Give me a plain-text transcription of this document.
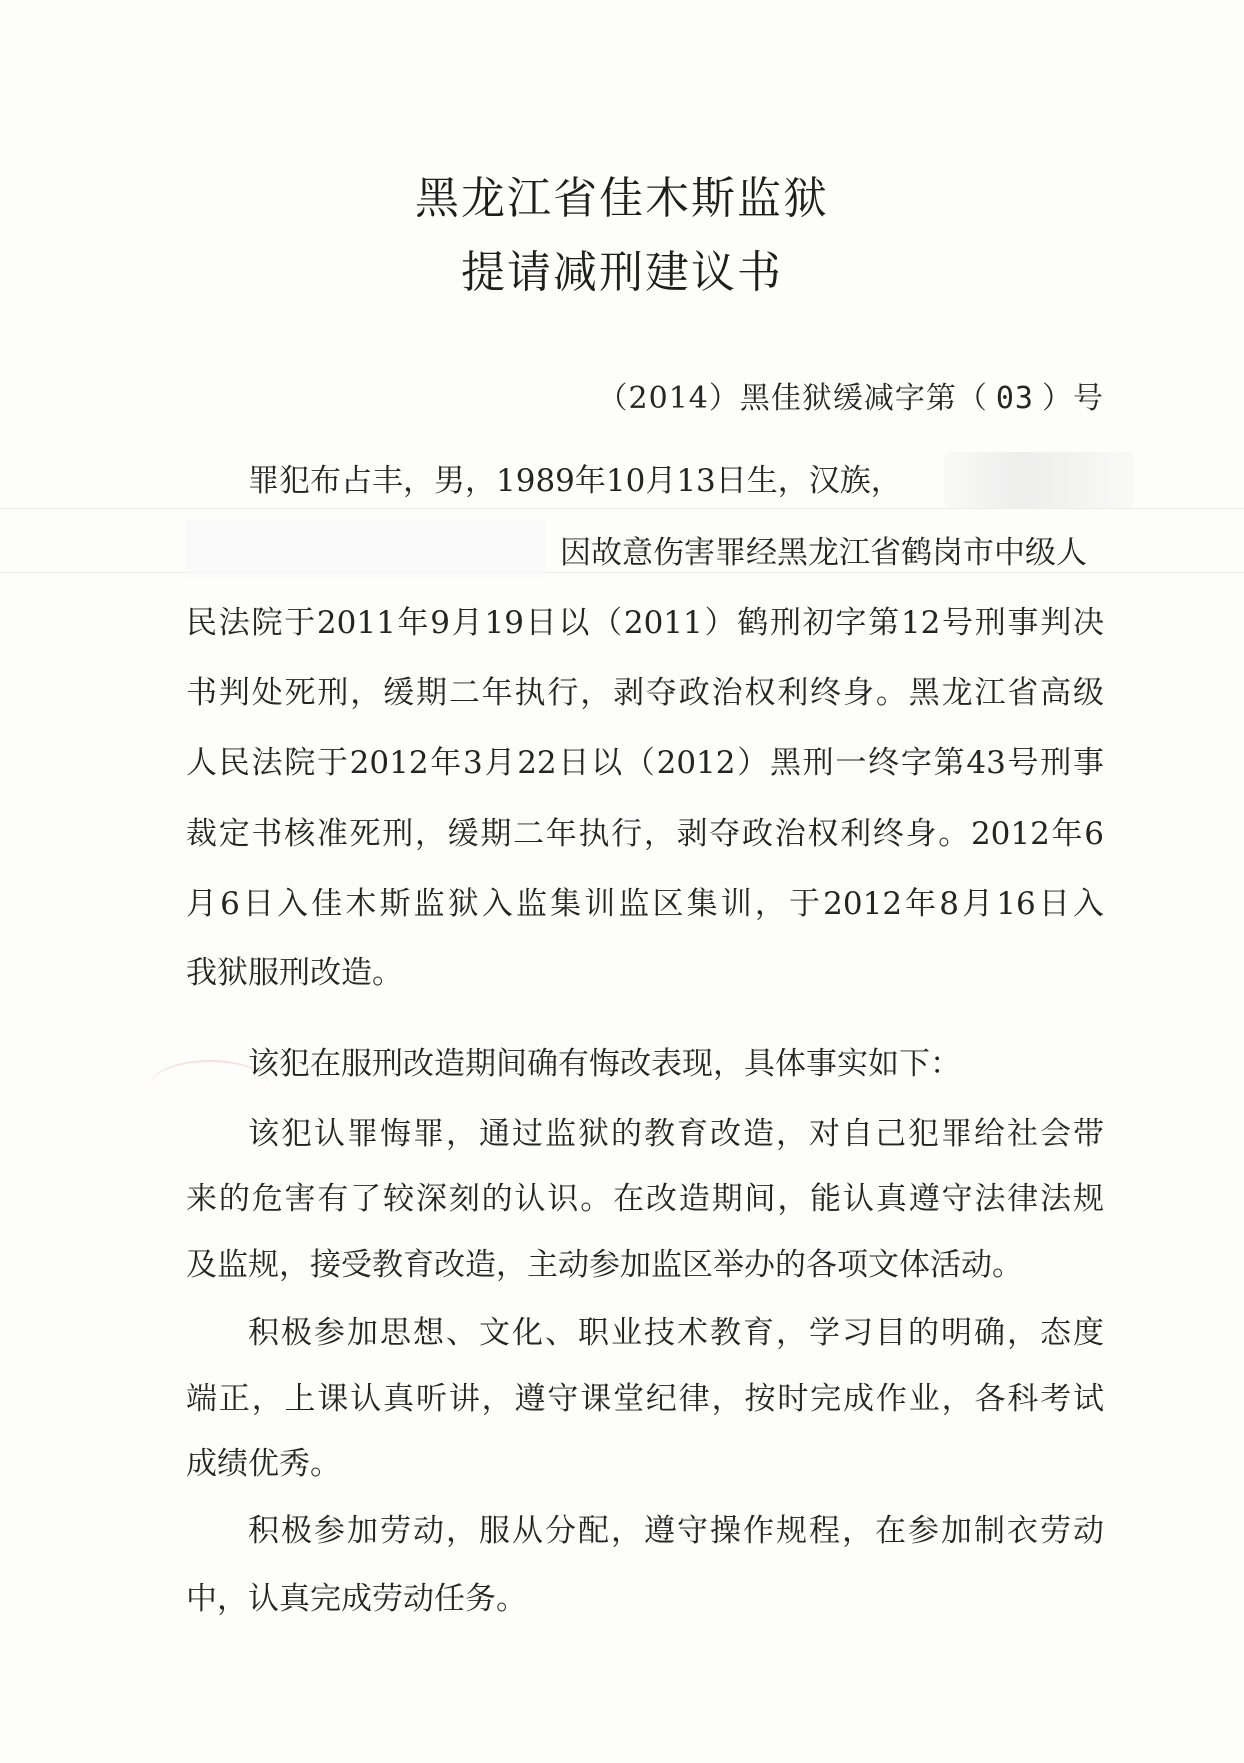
黑龙江省佳木斯监狱
提请减刑建议书
（2014）黑佳狱缓减字第（ 03 ）号
罪犯布占丰，男，1989年10月13日生，汉族，
因故意伤害罪经黑龙江省鹤岗市中级人
民法院于2011年9月19日以（2011）鹤刑初字第12号刑事判决
书判处死刑，缓期二年执行，剥夺政治权利终身。黑龙江省高级
人民法院于2012年3月22日以（2012）黑刑一终字第43号刑事
裁定书核准死刑，缓期二年执行，剥夺政治权利终身。2012年6
月6日入佳木斯监狱入监集训监区集训，于2012年8月16日入
我狱服刑改造。
该犯在服刑改造期间确有悔改表现，具体事实如下：
该犯认罪悔罪，通过监狱的教育改造，对自己犯罪给社会带
来的危害有了较深刻的认识。在改造期间，能认真遵守法律法规
及监规，接受教育改造，主动参加监区举办的各项文体活动。
积极参加思想、文化、职业技术教育，学习目的明确，态度
端正，上课认真听讲，遵守课堂纪律，按时完成作业，各科考试
成绩优秀。
积极参加劳动，服从分配，遵守操作规程，在参加制衣劳动
中，认真完成劳动任务。
